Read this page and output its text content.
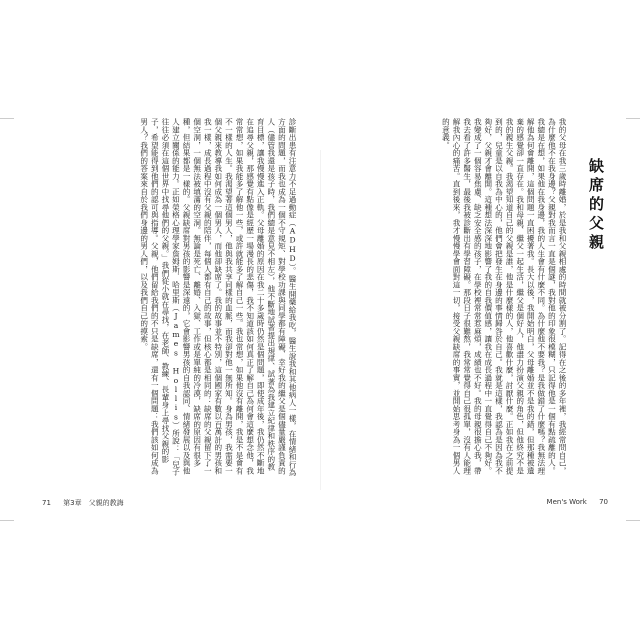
診斷出患有注意力不足過動症（ADHD）。醫生開藥給我吃，醫生說我和其他病人一樣，在情緒和行為方面的問題，而我也成為一個不守規矩、對學校功課與同學都有障礙、幸好我的繼父是個儘量嚴謹負責的人（儘管我還是孩子時，我們總是意見不相左），他不斷地試著提出規律、試著為我建立紀律和秩序的教育目標，讓我慢慢進入正軌。父母離婚的原因在我二十多歲時仍然是個問題，即使成年後，我仍然不斷地在追尋父親，那感覺有點像是經歷一場漫長的悲傷，我不知道該如何真正了解自己為何會這麼想念他，我常常想，如果我能多了解他一些，或許就能多了解自己一些。我也常想，如果他沒有離開，我是不是會有不一樣的人生。我渴望著這個男人，他與我共享同樣的血脈，而我卻對他一無所知。身為男孩，我需要一個父親來教導我如何成為一個男人，而他卻缺席了。我的故事並不特別，這個國家有數以百萬計的男孩和我一樣，成長過程中沒有父親的陪伴，每個人都有自己的故事，但核心都是相同的：缺席的父親留下了一個空洞，一個無法被填滿的空洞。無論是死亡、離婚、入獄、工作或是單純的冷漠，缺席的原因有很多種，但結果都是一樣的。父親缺席對男孩的影響是深遠的，它會影響男孩的自我認同、情緒發展以及與他人建立關係的能力。正如榮格心理學家詹姆斯．哈里斯（James Hollis）所說：「兒子往往必須在這個世界中找尋他們的父親。」我們從小就在尋找，在老師、教練、長輩身上尋找父親的影子，希望能得到他們的認可與指導。父親，他們留給我們的不只是缺席，還有一個問題：我們該如何成為男人？我們的答案來自於我們身邊的男人們，以及我們自己的摸索。	缺席的父親
我的父母在我三歲時離婚，於是我和父親相處的時間就被分割了。記得在之後的多年裡，我經常問自己，為什麼他不在我身邊？父親對我而言一直是個謎，我對他的印象很模糊，只記得他是一個有點疏離的人。我總是在想，如果他在我身邊，我的人生會有什麼不同。為什麼他不要我？是我做錯了什麼嗎？我無法理解他為何會離開，這個問題一直困擾著我。長大以後，我開始明白，父母離婚並不是我的錯，但那種被遺棄的感覺卻一直存在。我和母親、繼父一起生活，繼父是個好人，他盡力扮演父親的角色，但他終究不是我的親生父親。我渴望知道自己的父親是誰，他是什麼樣的人，他喜歡什麼，討厭什麼。正如我在之前提到的，兒童是以自我為中心的，他們會把發生在身邊的事情歸咎於自己。我就是這樣，我認為是因為我不夠好，父親才會離開。這種想法深深地影響了我的自我價值感，讓我在成長過程中一直覺得自己不夠好。我變成了一個容易焦慮、缺乏安全感的孩子，在學校裡常常惹麻煩，成績也不好。我的母親很擔心我，帶我去看了許多醫生，最後我被診斷出有學習障礙。那段日子很難熬，我常常覺得自己很孤單，沒有人能理解我內心的痛苦。直到後來，我才慢慢學會面對這一切，接受父親缺席的事實，並開始思考身為一個男人的意義。
71 第3章　父親的教誨	Men's Work 70
